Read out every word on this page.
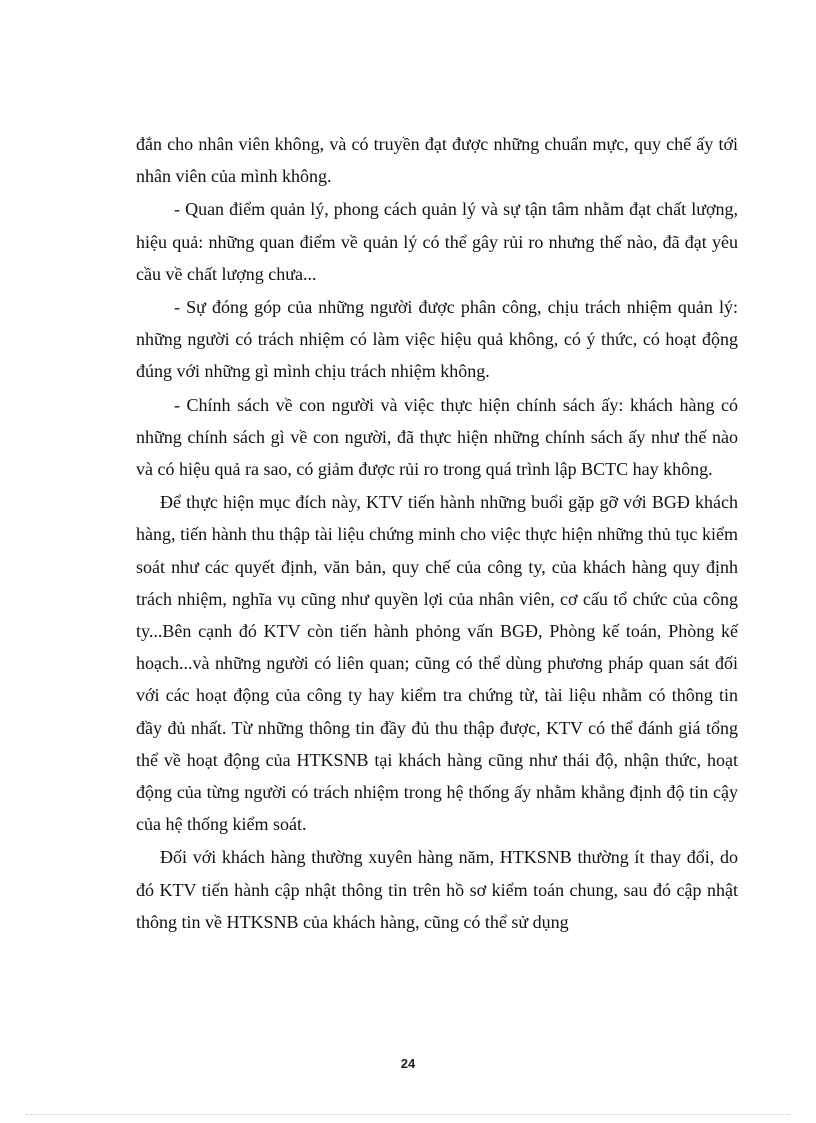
đắn cho nhân viên không, và có truyền đạt được những chuẩn mực, quy chế ấy tới nhân viên của mình không.

- Quan điểm quản lý, phong cách quản lý và sự tận tâm nhằm đạt chất lượng, hiệu quả: những quan điểm về quản lý có thể gây rủi ro nhưng thế nào, đã đạt yêu cầu về chất lượng chưa...

- Sự đóng góp của những người được phân công, chịu trách nhiệm quản lý: những người có trách nhiệm có làm việc hiệu quả không, có ý thức, có hoạt động đúng với những gì mình chịu trách nhiệm không.

- Chính sách về con người và việc thực hiện chính sách ấy: khách hàng có những chính sách gì về con người, đã thực hiện những chính sách ấy như thế nào và có hiệu quả ra sao, có giảm được rủi ro trong quá trình lập BCTC hay không.

Để thực hiện mục đích này, KTV tiến hành những buổi gặp gỡ với BGĐ khách hàng, tiến hành thu thập tài liệu chứng minh cho việc thực hiện những thủ tục kiểm soát như các quyết định, văn bản, quy chế của công ty, của khách hàng quy định trách nhiệm, nghĩa vụ cũng như quyền lợi của nhân viên, cơ cấu tổ chức của công ty...Bên cạnh đó KTV còn tiến hành phỏng vấn BGĐ, Phòng kế toán, Phòng kế hoạch...và những người có liên quan; cũng có thể dùng phương pháp quan sát đối với các hoạt động của công ty hay kiểm tra chứng từ, tài liệu nhằm có thông tin đầy đủ nhất. Từ những thông tin đầy đủ thu thập được, KTV có thể đánh giá tổng thể về hoạt động của HTKSNB tại khách hàng cũng như thái độ, nhận thức, hoạt động của từng người có trách nhiệm trong hệ thống ấy nhằm khẳng định độ tin cậy của hệ thống kiểm soát.

Đối với khách hàng thường xuyên hàng năm, HTKSNB thường ít thay đổi, do đó KTV tiến hành cập nhật thông tin trên hồ sơ kiểm toán chung, sau đó cập nhật thông tin về HTKSNB của khách hàng, cũng có thể sử dụng

24
